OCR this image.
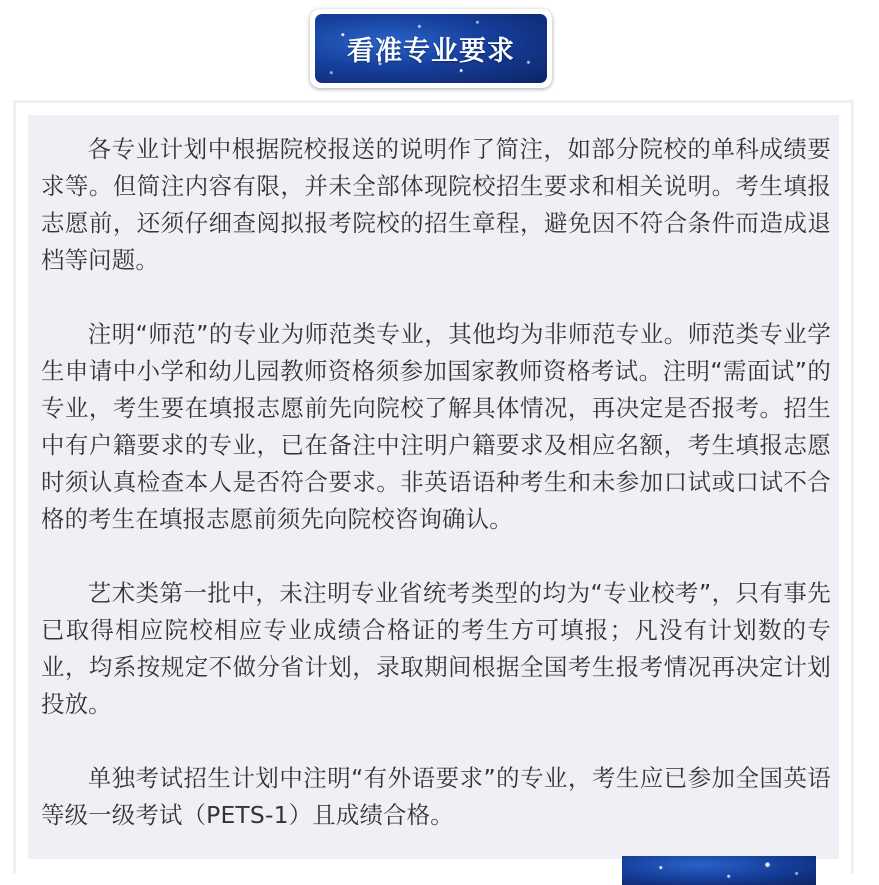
看准专业要求

各专业计划中根据院校报送的说明作了简注，如部分院校的单科成绩要求等。但简注内容有限，并未全部体现院校招生要求和相关说明。考生填报志愿前，还须仔细查阅拟报考院校的招生章程，避免因不符合条件而造成退档等问题。

注明“师范”的专业为师范类专业，其他均为非师范专业。师范类专业学生申请中小学和幼儿园教师资格须参加国家教师资格考试。注明“需面试”的专业，考生要在填报志愿前先向院校了解具体情况，再决定是否报考。招生中有户籍要求的专业，已在备注中注明户籍要求及相应名额，考生填报志愿时须认真检查本人是否符合要求。非英语语种考生和未参加口试或口试不合格的考生在填报志愿前须先向院校咨询确认。

艺术类第一批中，未注明专业省统考类型的均为“专业校考”，只有事先已取得相应院校相应专业成绩合格证的考生方可填报；凡没有计划数的专业，均系按规定不做分省计划，录取期间根据全国考生报考情况再决定计划投放。

单独考试招生计划中注明“有外语要求”的专业，考生应已参加全国英语等级一级考试（PETS-1）且成绩合格。
